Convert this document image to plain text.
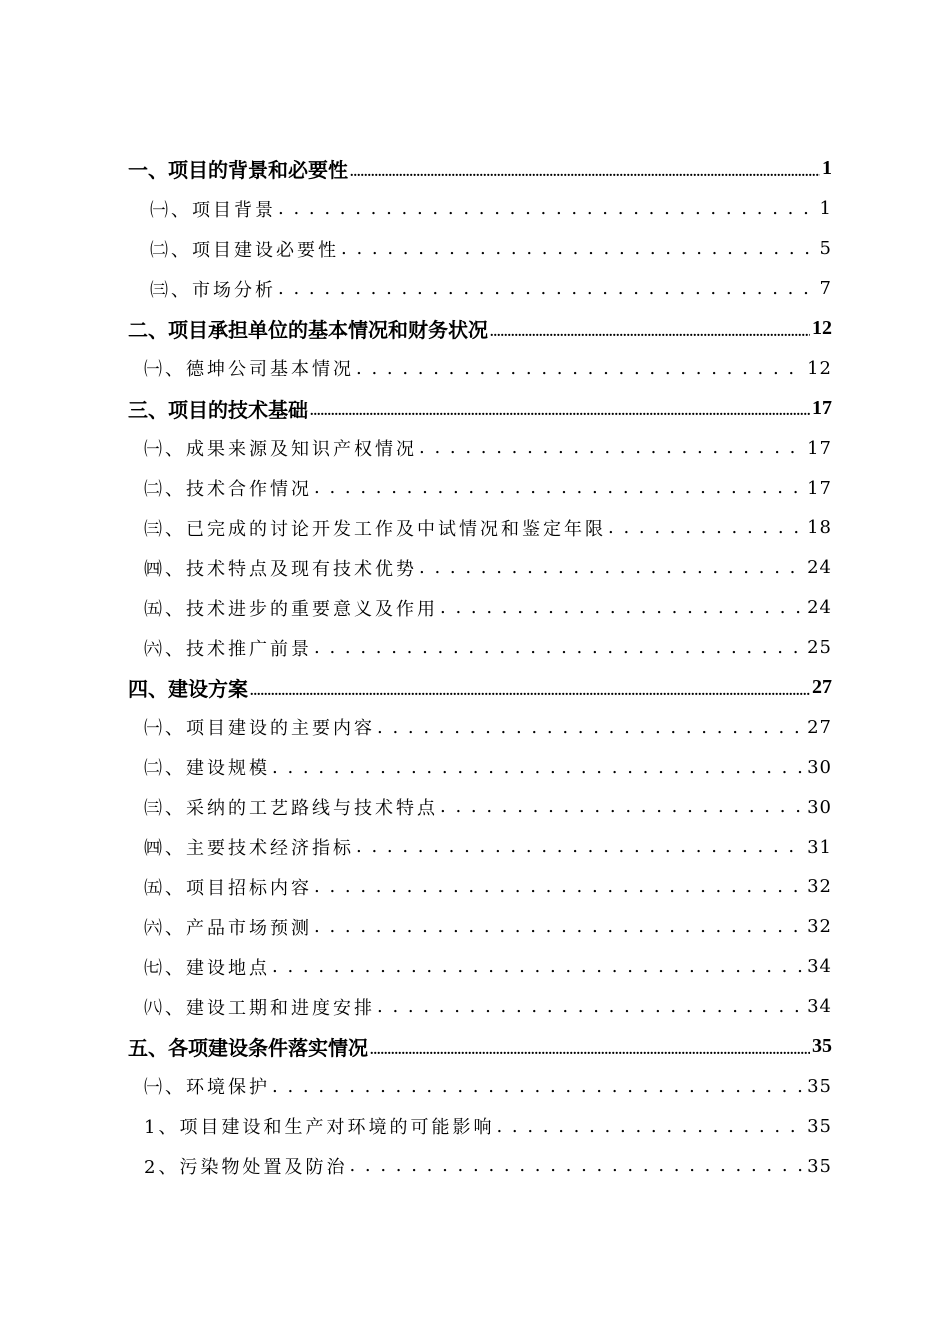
一、项目的背景和必要性 .....	1
㈠、项目背景 . . .	1
㈡、项目建设必要性 . . .	5
㈢、市场分析 . . .	7
二、项目承担单位的基本情况和财务状况 .....	12
㈠、德坤公司基本情况 . . .	12
三、项目的技术基础 .....	17
㈠、成果来源及知识产权情况 . . .	17
㈡、技术合作情况 . . .	17
㈢、已完成的讨论开发工作及中试情况和鉴定年限 . . .	18
㈣、技术特点及现有技术优势 . . .	24
㈤、技术进步的重要意义及作用 . . .	24
㈥、技术推广前景 . . .	25
四、建设方案 .....	27
㈠、项目建设的主要内容 . . .	27
㈡、建设规模 . . .	30
㈢、采纳的工艺路线与技术特点 . . .	30
㈣、主要技术经济指标 . . .	31
㈤、项目招标内容 . . .	32
㈥、产品市场预测 . . .	32
㈦、建设地点 . . .	34
㈧、建设工期和进度安排 . . .	34
五、各项建设条件落实情况 .....	35
㈠、环境保护 . . .	35
1、项目建设和生产对环境的可能影响 . . .	35
2、污染物处置及防治 . . .	35
